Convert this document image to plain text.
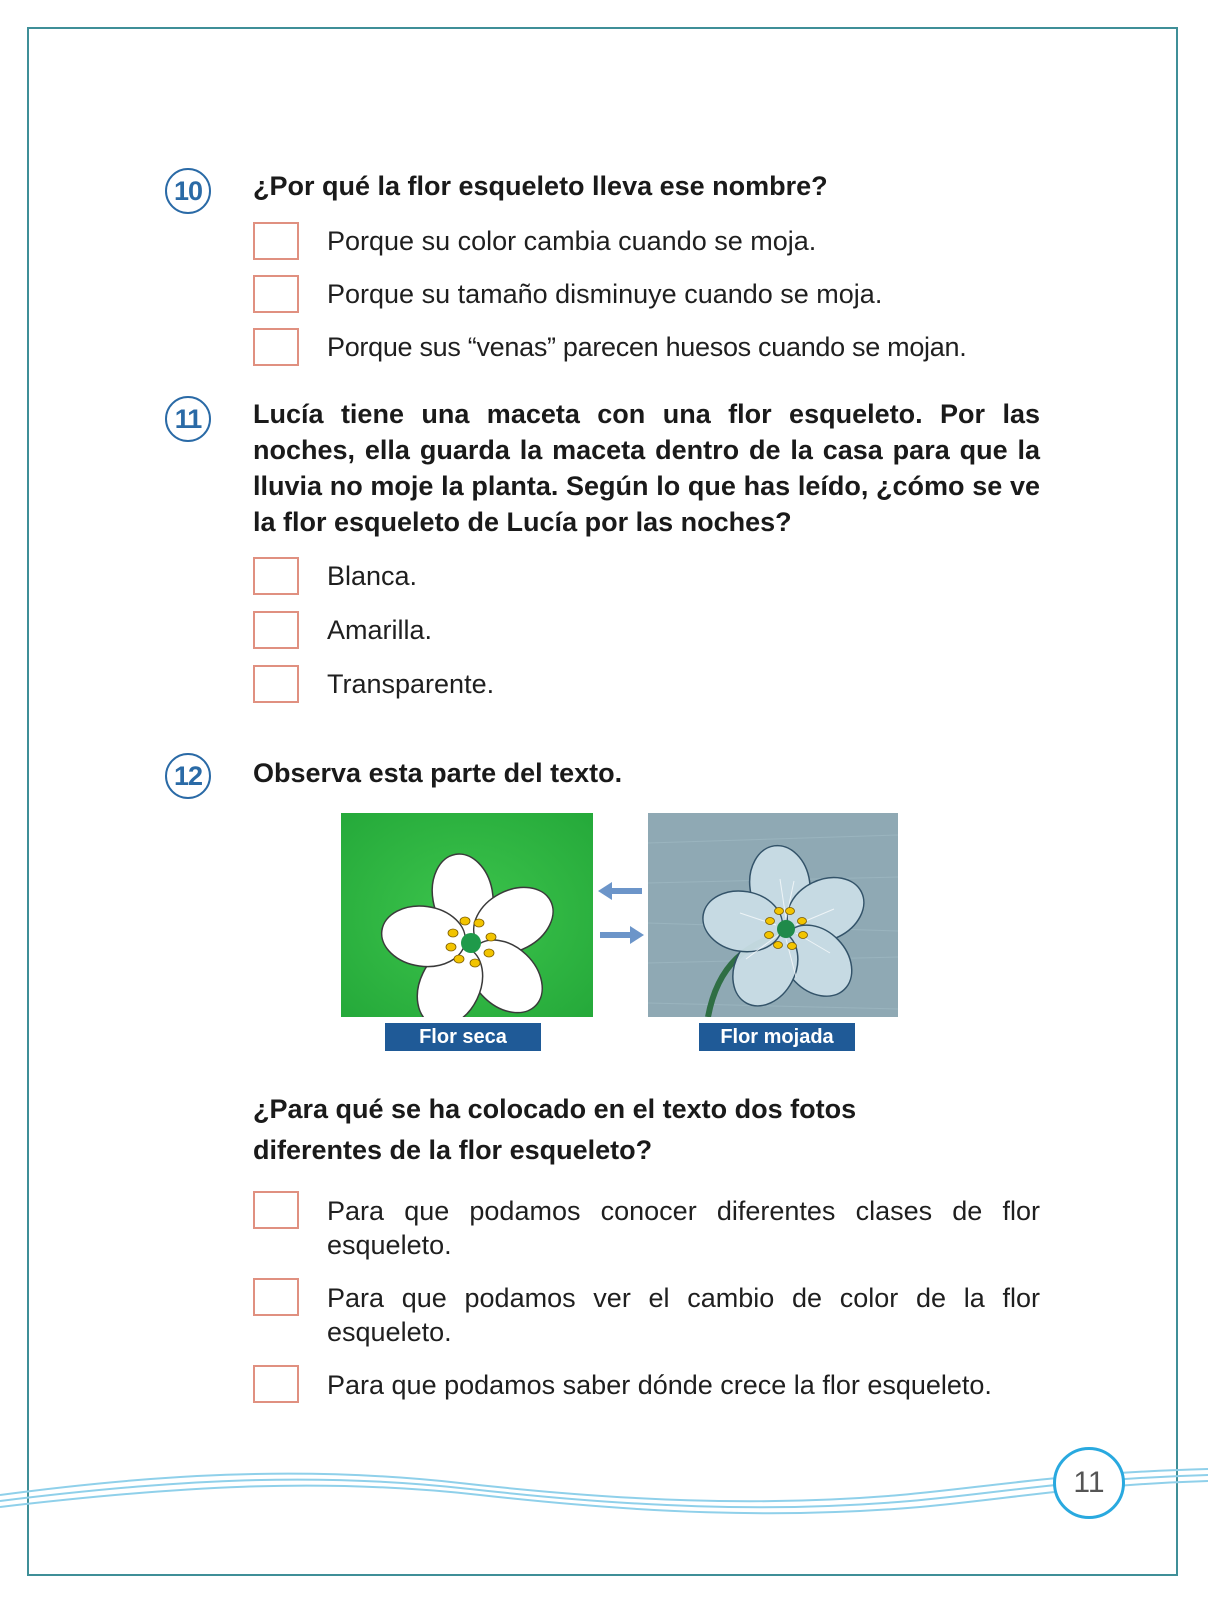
10	¿Por qué la flor esqueleto lleva ese nombre?
Porque su color cambia cuando se moja.
Porque su tamaño disminuye cuando se moja.
Porque sus “venas” parecen huesos cuando se mojan.
11	Lucía tiene una maceta con una flor esqueleto. Por las noches, ella guarda la maceta dentro de la casa para que la lluvia no moje la planta. Según lo que has leído, ¿cómo se ve la flor esqueleto de Lucía por las noches?
Blanca.
Amarilla.
Transparente.
12	Observa esta parte del texto.
Flor seca	Flor mojada
¿Para qué se ha colocado en el texto dos fotos diferentes de la flor esqueleto?
Para que podamos conocer diferentes clases de flor esqueleto.
Para que podamos ver el cambio de color de la flor esqueleto.
Para que podamos saber dónde crece la flor esqueleto.
11
